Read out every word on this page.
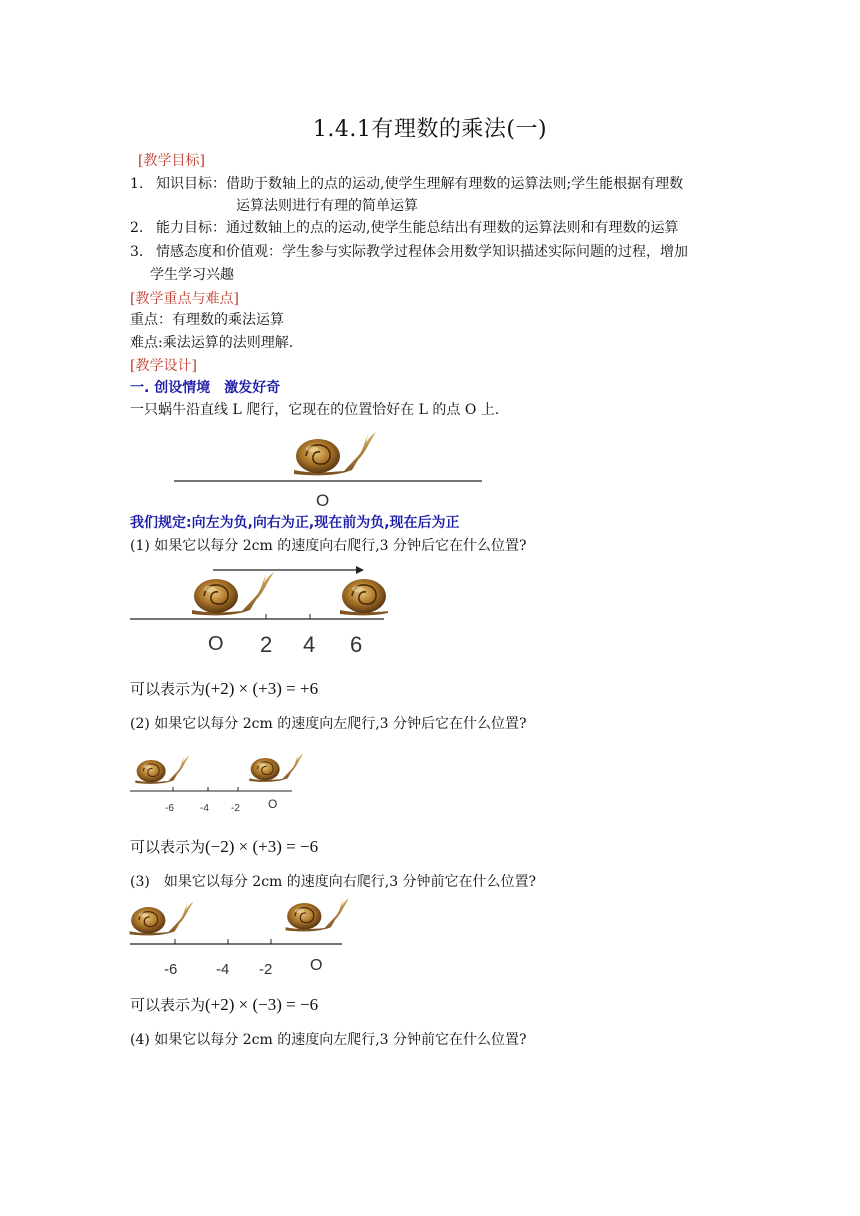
1.4.1有理数的乘法(一)
[教学目标]
1. 知识目标：借助于数轴上的点的运动,使学生理解有理数的运算法则;学生能根据有理数
运算法则进行有理的简单运算
2. 能力目标：通过数轴上的点的运动,使学生能总结出有理数的运算法则和有理数的运算
3. 情感态度和价值观：学生参与实际教学过程体会用数学知识描述实际问题的过程，增加
学生学习兴趣
[教学重点与难点]
重点：有理数的乘法运算
难点:乘法运算的法则理解.
[教学设计]
一. 创设情境　激发好奇
一只蜗牛沿直线 L 爬行，它现在的位置恰好在 L 的点 O 上.
O
我们规定:向左为负,向右为正,现在前为负,现在后为正
(1) 如果它以每分 2cm 的速度向右爬行,3 分钟后它在什么位置?
O 2 4 6
可以表示为(+2) × (+3) = +6
(2) 如果它以每分 2cm 的速度向左爬行,3 分钟后它在什么位置?
-6	-4 -2 O
可以表示为(−2) × (+3) = −6
(3)　如果它以每分 2cm 的速度向右爬行,3 分钟前它在什么位置?
-6	-4 -2 O
可以表示为(+2) × (−3) = −6
(4) 如果它以每分 2cm 的速度向左爬行,3 分钟前它在什么位置?
